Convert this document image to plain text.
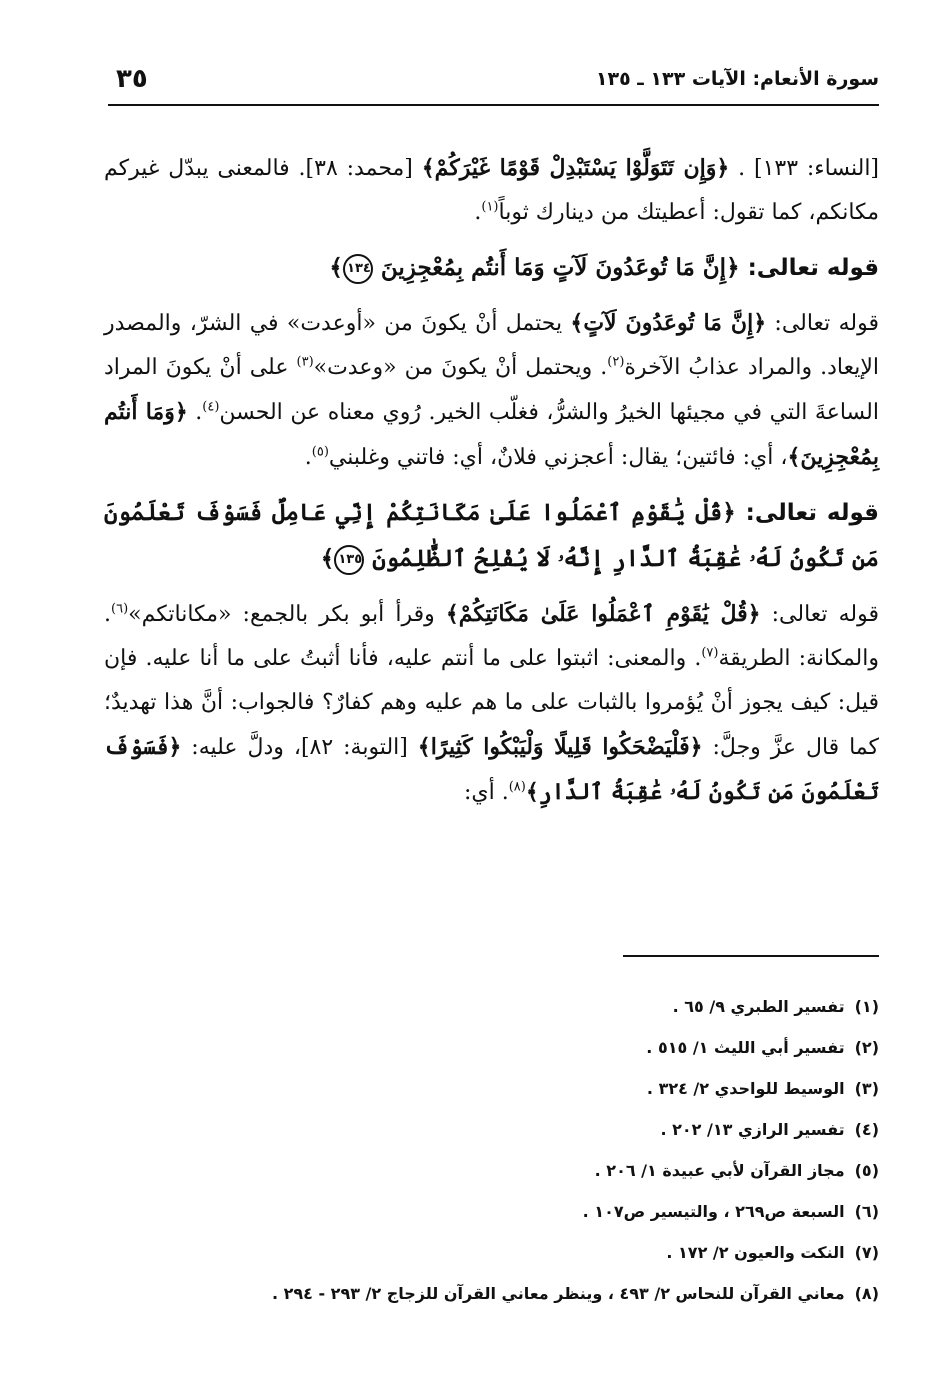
سورة الأنعام: الآيات ١٣٣ ـ ١٣٥
٣٥

[النساء: ١٣٣] . ﴿وَإِن تَتَوَلَّوْا يَسْتَبْدِلْ قَوْمًا غَيْرَكُمْ﴾ [محمد: ٣٨]. فالمعنى يبدّل غيركم مكانكم، كما تقول: أعطيتك من دينارك ثوباً$^{(١)}$.

قوله تعالى: ﴿إِنَّ مَا تُوعَدُونَ لَآتٍ وَمَا أَنتُم بِمُعْجِزِينَ ١٣٤﴾

قوله تعالى: ﴿إِنَّ مَا تُوعَدُونَ لَآتٍ﴾ يحتمل أنْ يكونَ من «أوعدت» في الشرّ، والمصدر الإيعاد. والمراد عذابُ الآخرة$^{(٢)}$. ويحتمل أنْ يكونَ من «وعدت»$^{(٣)}$ على أنْ يكونَ المراد الساعةَ التي في مجيئها الخيرُ والشرُّ، فغلّب الخير. رُوي معناه عن الحسن$^{(٤)}$. ﴿وَمَا أَنتُم بِمُعْجِزِينَ﴾، أي: فائتين؛ يقال: أعجزني فلانٌ، أي: فاتني وغلبني$^{(٥)}$.

قوله تعالى: ﴿قُلْ يَٰقَوْمِ ٱعْمَلُوا عَلَىٰ مَكَانَتِكُمْ إِنِّي عَامِلٌ فَسَوْفَ تَعْلَمُونَ مَن تَكُونُ لَهُۥ عَٰقِبَةُ ٱلدَّارِ إِنَّهُۥ لَا يُفْلِحُ ٱلظَّٰلِمُونَ ١٣٥﴾

قوله تعالى: ﴿قُلْ يَٰقَوْمِ ٱعْمَلُوا عَلَىٰ مَكَانَتِكُمْ﴾ وقرأ أبو بكر بالجمع: «مكاناتكم»$^{(٦)}$. والمكانة: الطريقة$^{(٧)}$. والمعنى: اثبتوا على ما أنتم عليه، فأنا أثبتُ على ما أنا عليه. فإن قيل: كيف يجوز أنْ يُؤمروا بالثبات على ما هم عليه وهم كفارٌ؟ فالجواب: أنَّ هذا تهديدٌ؛ كما قال عزَّ وجلَّ: ﴿فَلْيَضْحَكُوا قَلِيلًا وَلْيَبْكُوا كَثِيرًا﴾ [التوبة: ٨٢]، ودلَّ عليه: ﴿فَسَوْفَ تَعْلَمُونَ مَن تَكُونُ لَهُۥ عَٰقِبَةُ ٱلدَّارِ﴾$^{(٨)}$. أي:

(١)تفسير الطبري ٩/ ٦٥ .
(٢)تفسير أبي الليث ١/ ٥١٥ .
(٣)الوسيط للواحدي ٢/ ٣٢٤ .
(٤)تفسير الرازي ١٣/ ٢٠٢ .
(٥)مجاز القرآن لأبي عبيدة ١/ ٢٠٦ .
(٦)السبعة ص٢٦٩ ، والتيسير ص١٠٧ .
(٧)النكت والعيون ٢/ ١٧٢ .
(٨)معاني القرآن للنحاس ٢/ ٤٩٣ ، وينظر معاني القرآن للزجاج ٢/ ٢٩٣ - ٢٩٤ .
